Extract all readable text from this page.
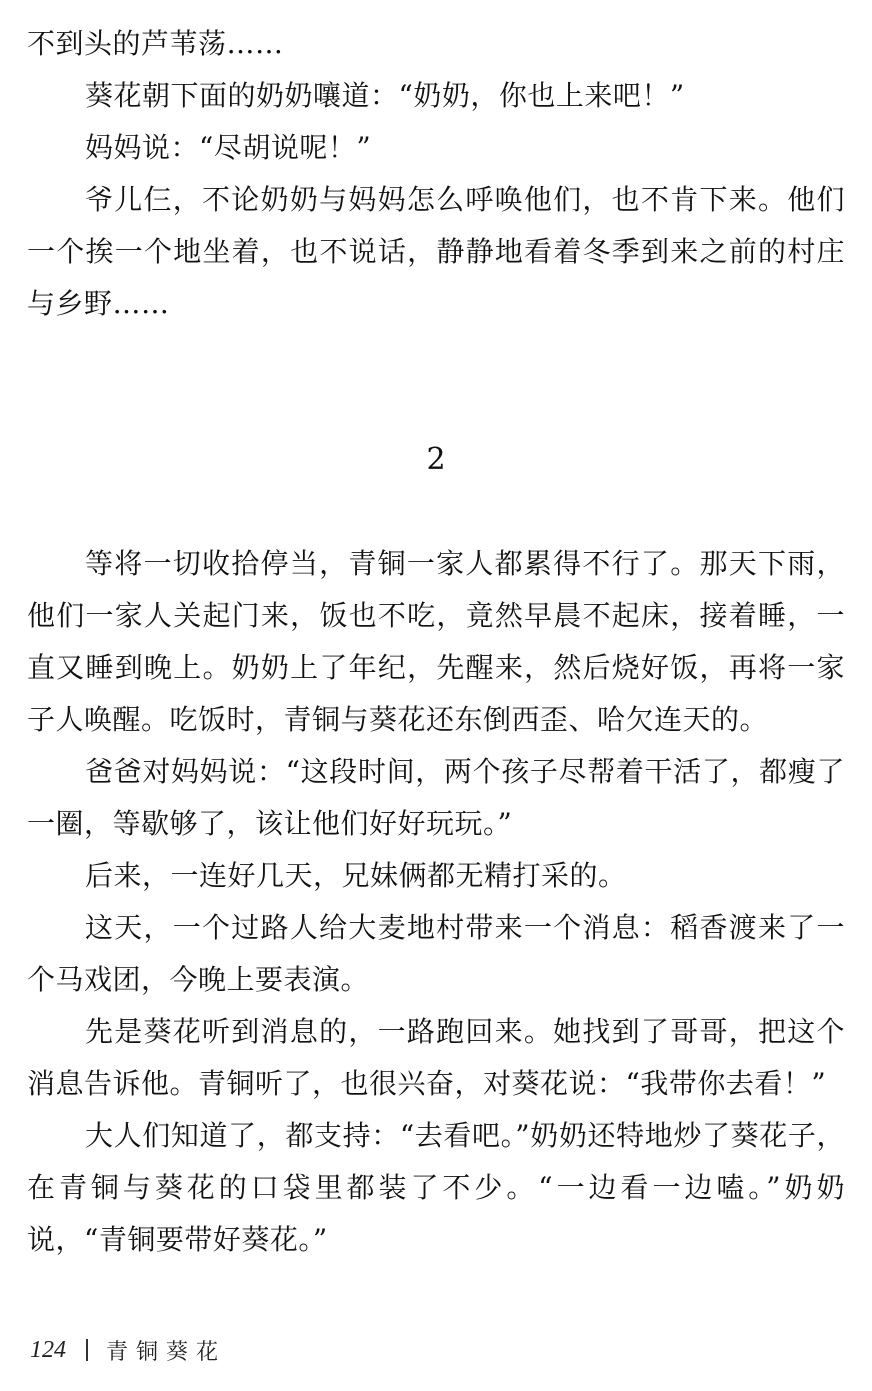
不到头的芦苇荡……

葵花朝下面的奶奶嚷道：“奶奶，你也上来吧！”

妈妈说：“尽胡说呢！”

爷儿仨，不论奶奶与妈妈怎么呼唤他们，也不肯下来。他们一个挨一个地坐着，也不说话，静静地看着冬季到来之前的村庄与乡野……

2

等将一切收拾停当，青铜一家人都累得不行了。那天下雨，他们一家人关起门来，饭也不吃，竟然早晨不起床，接着睡，一直又睡到晚上。奶奶上了年纪，先醒来，然后烧好饭，再将一家子人唤醒。吃饭时，青铜与葵花还东倒西歪、哈欠连天的。

爸爸对妈妈说：“这段时间，两个孩子尽帮着干活了，都瘦了一圈，等歇够了，该让他们好好玩玩。”

后来，一连好几天，兄妹俩都无精打采的。

这天，一个过路人给大麦地村带来一个消息：稻香渡来了一个马戏团，今晚上要表演。

先是葵花听到消息的，一路跑回来。她找到了哥哥，把这个消息告诉他。青铜听了，也很兴奋，对葵花说：“我带你去看！”

大人们知道了，都支持：“去看吧。”奶奶还特地炒了葵花子，在青铜与葵花的口袋里都装了不少。“一边看一边嗑。”奶奶说，“青铜要带好葵花。”

124 青铜葵花
